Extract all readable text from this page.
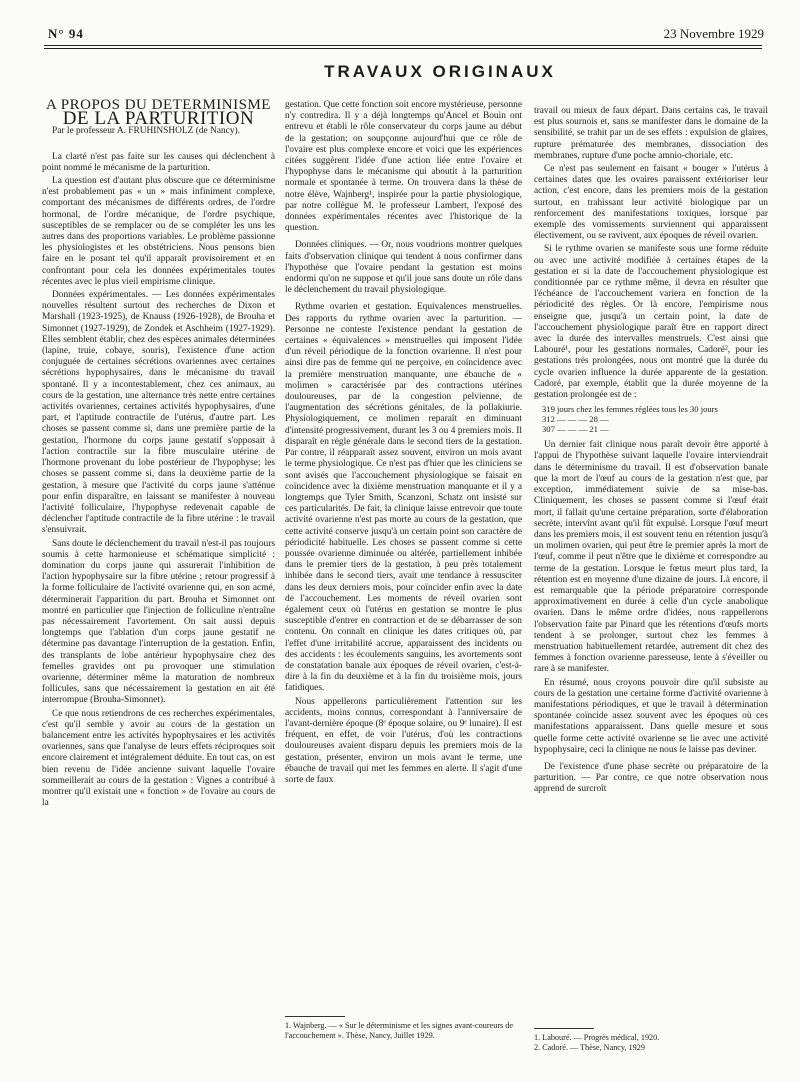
N° 94	23 Novembre 1929
TRAVAUX ORIGINAUX

A PROPOS DU DETERMINISME

DE LA PARTURITION

Par le professeur A. FRUHINSHOLZ (de Nancy).

La clarté n'est pas faite sur les causes qui déclenchent à point nommé le mécanisme de la parturition.

La question est d'autant plus obscure que ce déterminisme n'est probablement pas « un » mais infiniment complexe, comportant des mécanismes de différents ordres, de l'ordre hormonal, de l'ordre mécanique, de l'ordre psychique, susceptibles de se remplacer ou de se compléter les uns les autres dans des proportions variables. Le problème passionne les physiologistes et les obstétriciens. Nous pensons bien faire en le posant tel qu'il apparaît provisoirement et en confrontant pour cela les données expérimentales toutes récentes avec le plus vieil empirisme clinique.

Données expérimentales. — Les données expérimentales nouvelles résultent surtout des recherches de Dixon et Marshall (1923-1925), de Knauss (1926-1928), de Brouha et Simonnet (1927-1929), de Zondek et Aschheim (1927-1929). Elles semblent établir, chez des espèces animales déterminées (lapine, truie, cobaye, souris), l'existence d'une action conjuguée de certaines sécrétions ovariennes avec certaines sécrétions hypophysaires, dans le mécanisme du travail spontané. Il y a incontestablement, chez ces animaux, au cours de la gestation, une alternance très nette entre certaines activités ovariennes, certaines activités hypophysaires, d'une part, et l'aptitude contractile de l'utérus, d'autre part. Les choses se passent comme si, dans une première partie de la gestation, l'hormone du corps jaune gestatif s'opposait à l'action contractile sur la fibre musculaire utérine de l'hormone provenant du lobe postérieur de l'hypophyse; les choses se passent comme si, dans la deuxième partie de la gestation, à mesure que l'activité du corps jaune s'atténue pour enfin disparaître, en laissant se manifester à nouveau l'activité folliculaire, l'hypophyse redevenait capable de déclencher l'aptitude contractile de la fibre utérine : le travail s'ensuivrait.

Sans doute le déclenchement du travail n'est-il pas toujours soumis à cette harmonieuse et schématique simplicité : domination du corps jaune qui assurerait l'inhibition de l'action hypophysaire sur la fibre utérine ; retour progressif à la forme folliculaire de l'activité ovarienne qui, en son acmé, déterminerait l'apparition du part. Brouha et Simonnet ont montré en particulier que l'injection de folliculine n'entraîne pas nécessairement l'avortement. On sait aussi depuis longtemps que l'ablation d'un corps jaune gestatif ne détermine pas davantage l'interruption de la gestation. Enfin, des transplants de lobe antérieur hypophysaire chez des femelles gravides ont pu provoquer une stimulation ovarienne, déterminer même la maturation de nombreux follicules, sans que nécessairement la gestation en ait été interrompue (Brouha-Simonnet).

Ce que nous retiendrons de ces recherches expérimentales, c'est qu'il semble y avoir au cours de la gestation un balancement entre les activités hypophysaires et les activités ovariennes, sans que l'analyse de leurs effets réciproques soit encore clairement et intégralement déduite. En tout cas, on est bien revenu de l'idée ancienne suivant laquelle l'ovaire sommeillerait au cours de la gestation : Vignes a contribué à montrer qu'il existait une « fonction » de l'ovaire au cours de la

gestation. Que cette fonction soit encore mystérieuse, personne n'y contredira. Il y a déjà longtemps qu'Ancel et Bouin ont entrevu et établi le rôle conservateur du corps jaune au début de la gestation; on soupçonne aujourd'hui que ce rôle de l'ovaire est plus complexe encore et voici que les expériences citées suggèrent l'idée d'une action liée entre l'ovaire et l'hypophyse dans le mécanisme qui aboutit à la parturition normale et spontanée à terme. On trouvera dans la thèse de notre élève, Wajnberg¹, inspirée pour la partie physiologique, par notre collègue M. le professeur Lambert, l'exposé des données expérimentales récentes avec l'historique de la question.

Données cliniques. — Or, nous voudrions montrer quelques faits d'observation clinique qui tendent à nous confirmer dans l'hypothèse que l'ovaire pendant la gestation est moins endormi qu'on ne suppose et qu'il joue sans doute un rôle dans le déclenchement du travail physiologique.

Rythme ovarien et gestation. Equivalences menstruelles. Des rapports du rythme ovarien avec la parturition. — Personne ne conteste l'existence pendant la gestation de certaines « équivalences » menstruelles qui imposent l'idée d'un réveil périodique de la fonction ovarienne. Il n'est pour ainsi dire pas de femme qui ne perçoive, en coïncidence avec la première menstruation manquante, une ébauche de « molimen » caractérisée par des contractions utérines douloureuses, par de la congestion pelvienne, de l'augmentation des sécrétions génitales, de la pollakiurie. Physiologiquement, ce molimen reparaît en diminuant d'intensité progressivement, durant les 3 ou 4 premiers mois. Il disparaît en règle générale dans le second tiers de la gestation. Par contre, il réapparaît assez souvent, environ un mois avant le terme physiologique. Ce n'est pas d'hier que les cliniciens se sont avisés que l'accouchement physiologique se faisait en coïncidence avec la dixième menstruation manquante et il y a longtemps que Tyler Smith, Scanzoni, Schatz ont insisté sur ces particularités. De fait, la clinique laisse entrevoir que toute activité ovarienne n'est pas morte au cours de la gestation, que cette activité conserve jusqu'à un certain point son caractère de périodicité habituelle. Les choses se passent comme si cette poussée ovarienne diminuée ou altérée, partiellement inhibée dans le premier tiers de la gestation, à peu près totalement inhibée dans le second tiers, avait une tendance à ressusciter dans les deux derniers mois, pour coïncider enfin avec la date de l'accouchement. Les moments de réveil ovarien sont également ceux où l'utérus en gestation se montre le plus susceptible d'entrer en contraction et de se débarrasser de son contenu. On connaît en clinique les dates critiques où, par l'effet d'une irritabilité accrue, apparaissent des incidents ou des accidents : les écoulements sanguins, les avortements sont de constatation banale aux époques de réveil ovarien, c'est-à-dire à la fin du deuxième et à la fin du troisième mois, jours fatidiques.

Nous appellerons particulièrement l'attention sur les accidents, moins connus, correspondant à l'anniversaire de l'avant-dernière époque (8ᵉ époque solaire, ou 9ᵉ lunaire). Il est fréquent, en effet, de voir l'utérus, d'où les contractions douloureuses avaient disparu depuis les premiers mois de la gestation, présenter, environ un mois avant le terme, une ébauche de travail qui met les femmes en alerte. Il s'agit d'une sorte de faux

travail ou mieux de faux départ. Dans certains cas, le travail est plus sournois et, sans se manifester dans le domaine de la sensibilité, se trahit par un de ses effets : expulsion de glaires, rupture prématurée des membranes, dissociation des membranes, rupture d'une poche amnio-choriale, etc.

Ce n'est pas seulement en faisant « bouger » l'utérus à certaines dates que les ovaires paraissent extérioriser leur action, c'est encore, dans les premiers mois de la gestation surtout, en trahissant leur activité biologique par un renforcement des manifestations toxiques, lorsque par exemple des vomissements surviennent qui apparaissent électivement, ou se ravivent, aux époques de réveil ovarien.

Si le rythme ovarien se manifeste sous une forme réduite ou avec une activité modifiée à certaines étapes de la gestation et si la date de l'accouchement physiologique est conditionnée par ce rythme même, il devra en résulter que l'échéance de l'accouchement variera en fonction de la périodicité des règles. Or là encore, l'empirisme nous enseigne que, jusqu'à un certain point, la date de l'accouchement physiologique paraît être en rapport direct avec la durée des intervalles menstruels. C'est ainsi que Labouré¹, pour les gestations normales, Cadoré², pour les gestations très prolongées, nous ont montré que la durée du cycle ovarien influence la durée apparente de la gestation. Cadoré, par exemple, établit que la durée moyenne de la gestation prolongée est de :

319 jours chez les femmes réglées tous les 30 jours
312 — — — 28 —
307 — — — 21 —

Un dernier fait clinique nous paraît devoir être apporté à l'appui de l'hypothèse suivant laquelle l'ovaire interviendrait dans le déterminisme du travail. Il est d'observation banale que la mort de l'œuf au cours de la gestation n'est que, par exception, immédiatement suivie de sa mise-bas. Cliniquement, les choses se passent comme si l'œuf était mort, il fallait qu'une certaine préparation, sorte d'élaboration secrète, intervînt avant qu'il fût expulsé. Lorsque l'œuf meurt dans les premiers mois, il est souvent tenu en rétention jusqu'à un molimen ovarien, qui peut être le premier après la mort de l'œuf, comme il peut n'être que le dixième et correspondre au terme de la gestation. Lorsque le fœtus meurt plus tard, la rétention est en moyenne d'une dizaine de jours. Là encore, il est remarquable que la période préparatoire corresponde approximativement en durée à celle d'un cycle anabolique ovarien. Dans le même ordre d'idées, nous rappellerons l'observation faite par Pinard que les rétentions d'œufs morts tendent à se prolonger, surtout chez les femmes à menstruation habituellement retardée, autrement dit chez des femmes à fonction ovarienne paresseuse, lente à s'éveiller ou rare à se manifester.

En résumé, nous croyons pouvoir dire qu'il subsiste au cours de la gestation une certaine forme d'activité ovarienne à manifestations périodiques, et que le travail à détermination spontanée coïncide assez souvent avec les époques où ces manifestations apparaissent. Dans quelle mesure et sous quelle forme cette activité ovarienne se lie avec une activité hypophysaire, ceci la clinique ne nous le laisse pas deviner.

De l'existence d'une phase secrète ou préparatoire de la parturition. — Par contre, ce que notre observation nous apprend de surcroît

1. Wajnberg. — « Sur le déterminisme et les signes avant-coureurs de l'accouchement ». Thèse, Nancy, Juillet 1929.	1. Labouré. — Progrès médical, 1920.

2. Cadoré. — Thèse, Nancy, 1929
